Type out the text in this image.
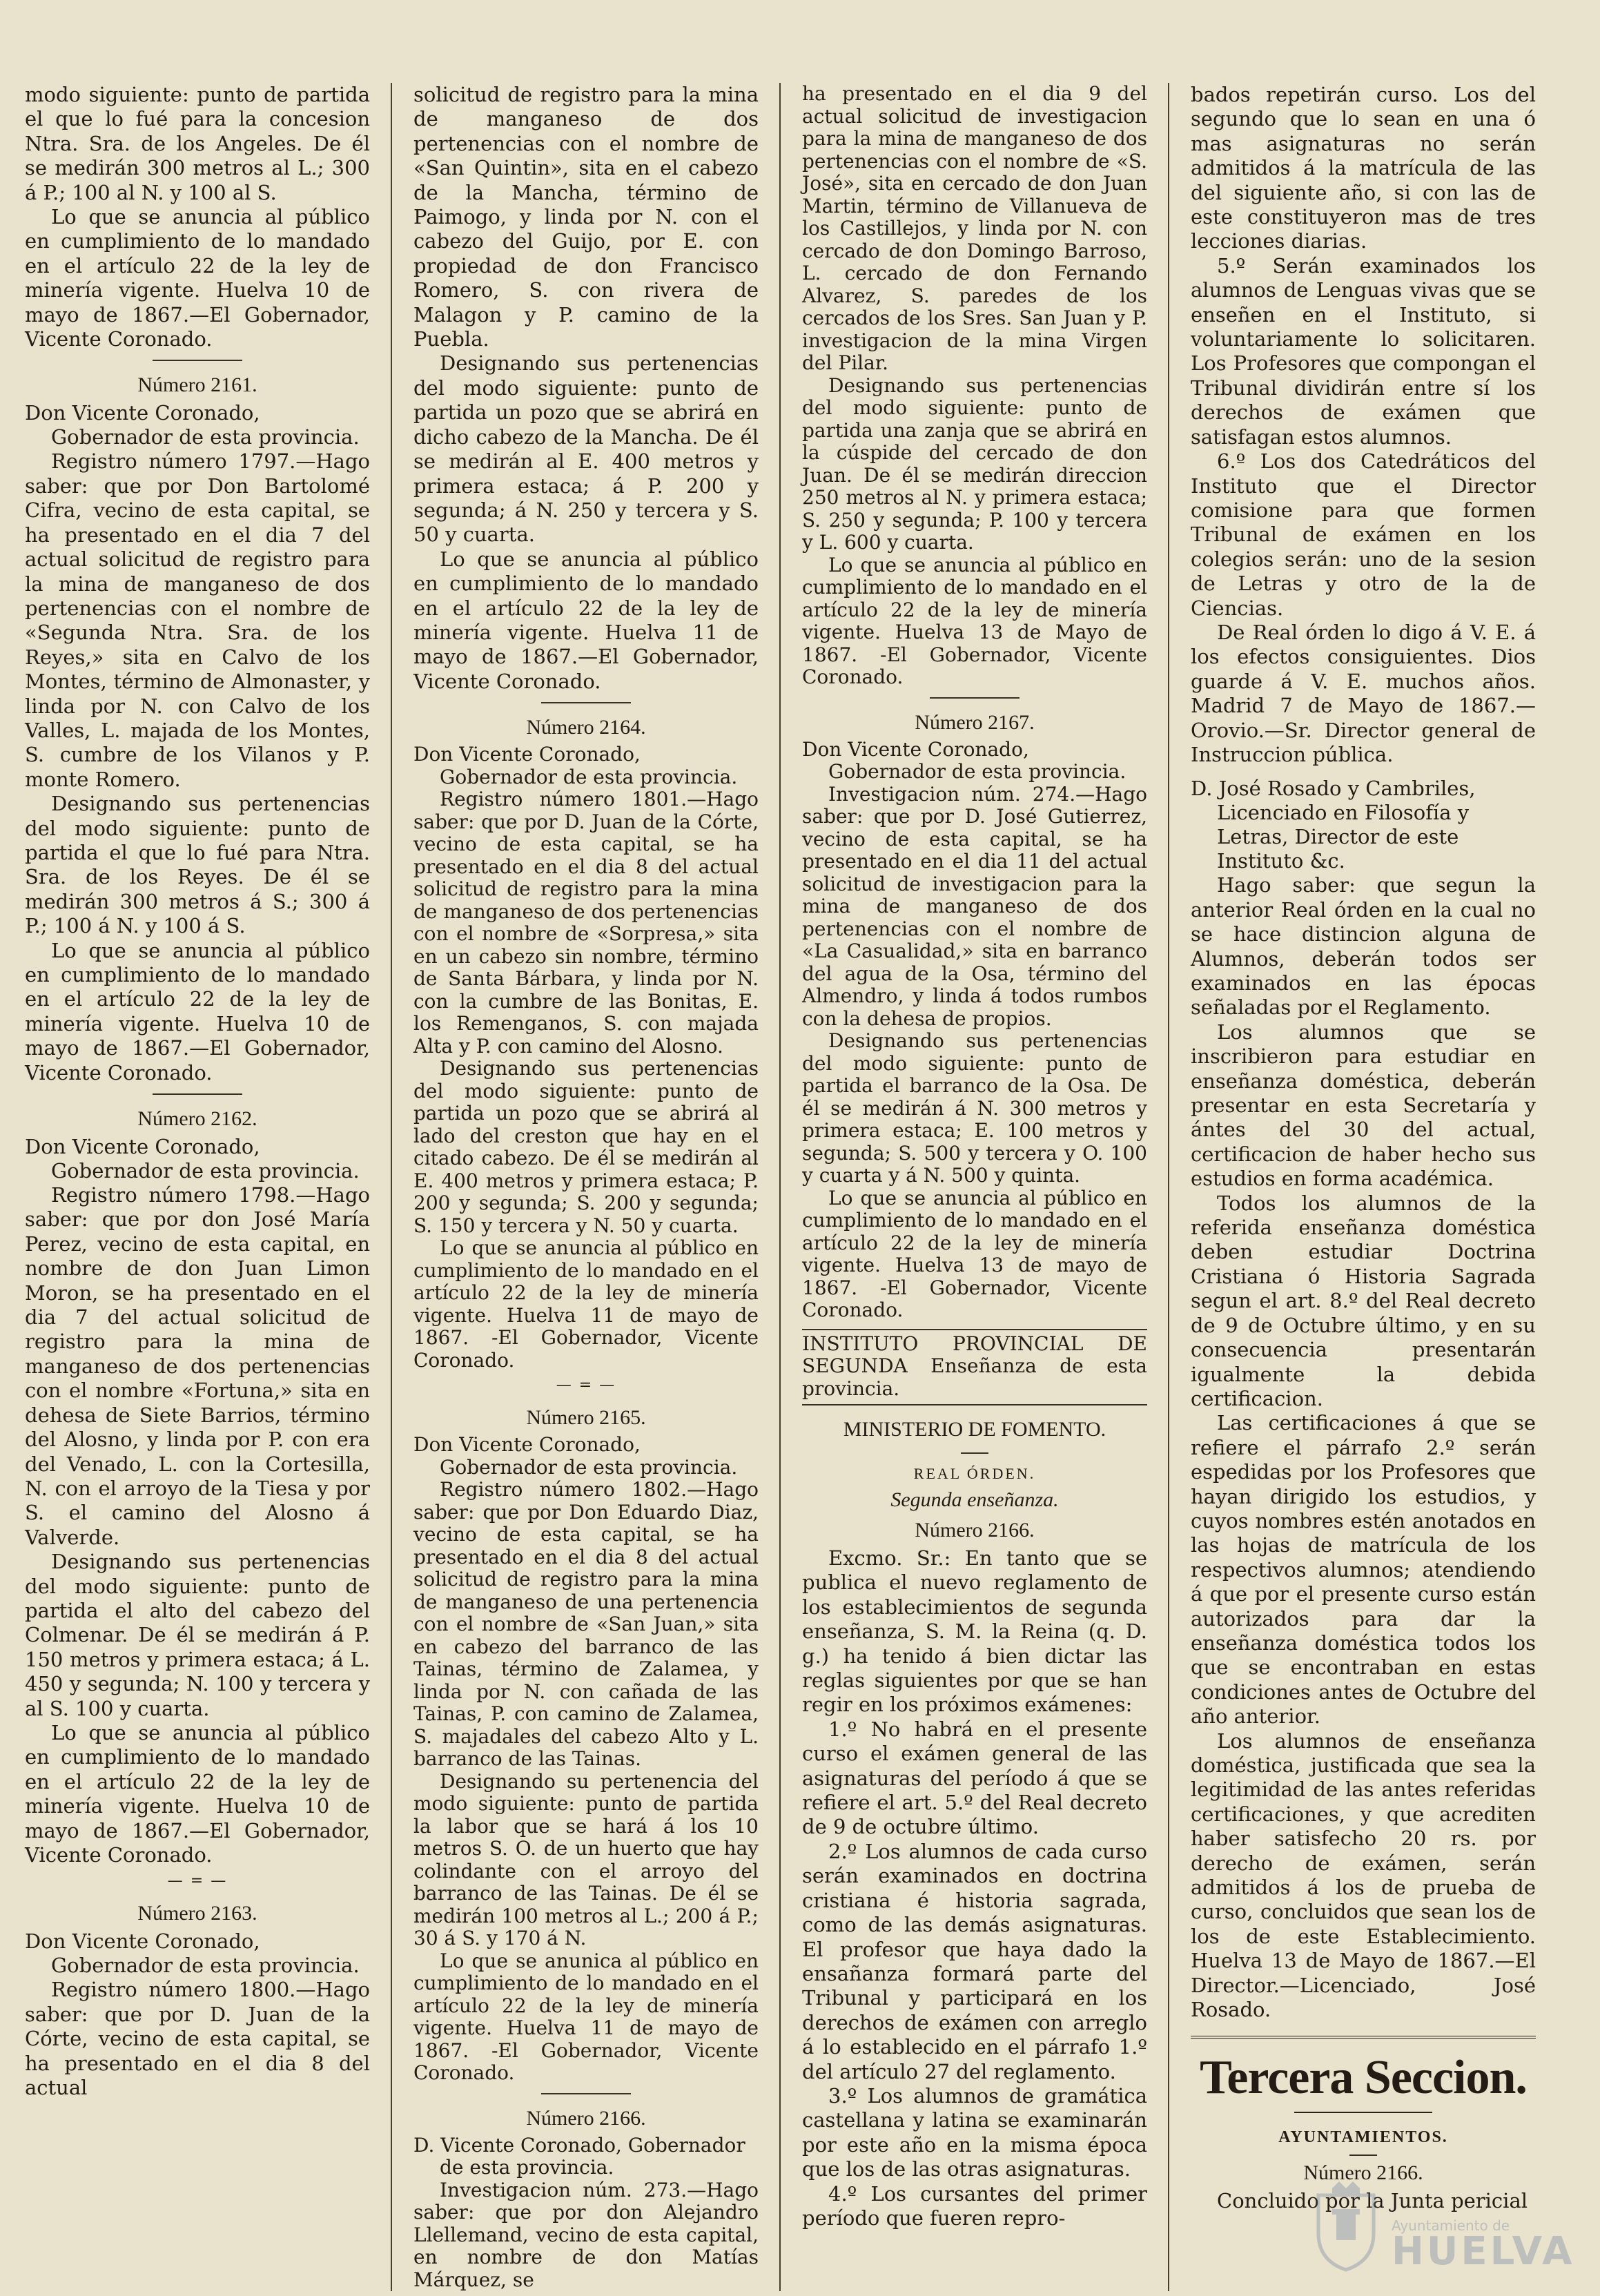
modo siguiente: punto de partida el que lo fué para la concesion Ntra. Sra. de los Angeles. De él se medirán 300 metros al L.; 300 á P.; 100 al N. y 100 al S.

Lo que se anuncia al público en cumplimiento de lo mandado en el artículo 22 de la ley de minería vigente. Huelva 10 de mayo de 1867.—El Gobernador, Vicente Coronado.

Número 2161.

Don Vicente Coronado, Gobernador de esta provincia.

Registro número 1797.—Hago saber: que por Don Bartolomé Cifra, vecino de esta capital, se ha presentado en el dia 7 del actual solicitud de registro para la mina de manganeso de dos pertenencias con el nombre de «Segunda Ntra. Sra. de los Reyes,» sita en Calvo de los Montes, término de Almonaster, y linda por N. con Calvo de los Valles, L. majada de los Montes, S. cumbre de los Vilanos y P. monte Romero.

Designando sus pertenencias del modo siguiente: punto de partida el que lo fué para Ntra. Sra. de los Reyes. De él se medirán 300 metros á S.; 300 á P.; 100 á N. y 100 á S.

Lo que se anuncia al público en cumplimiento de lo mandado en el artículo 22 de la ley de minería vigente. Huelva 10 de mayo de 1867.—El Gobernador, Vicente Coronado.

Número 2162.

Don Vicente Coronado, Gobernador de esta provincia.

Registro número 1798.—Hago saber: que por don José María Perez, vecino de esta capital, en nombre de don Juan Limon Moron, se ha presentado en el dia 7 del actual solicitud de registro para la mina de manganeso de dos pertenencias con el nombre «Fortuna,» sita en dehesa de Siete Barrios, término del Alosno, y linda por P. con era del Venado, L. con la Cortesilla, N. con el arroyo de la Tiesa y por S. el camino del Alosno á Valverde.

Designando sus pertenencias del modo siguiente: punto de partida el alto del cabezo del Colmenar. De él se medirán á P. 150 metros y primera estaca; á L. 450 y segunda; N. 100 y tercera y al S. 100 y cuarta.

Lo que se anuncia al público en cumplimiento de lo mandado en el artículo 22 de la ley de minería vigente. Huelva 10 de mayo de 1867.—El Gobernador, Vicente Coronado.

— = —
Número 2163.

Don Vicente Coronado, Gobernador de esta provincia.

Registro número 1800.—Hago saber: que por D. Juan de la Córte, vecino de esta capital, se ha presentado en el dia 8 del actual

solicitud de registro para la mina de manganeso de dos pertenencias con el nombre de «San Quintin», sita en el cabezo de la Mancha, término de Paimogo, y linda por N. con el cabezo del Guijo, por E. con propiedad de don Francisco Romero, S. con rivera de Malagon y P. camino de la Puebla.

Designando sus pertenencias del modo siguiente: punto de partida un pozo que se abrirá en dicho cabezo de la Mancha. De él se medirán al E. 400 metros y primera estaca; á P. 200 y segunda; á N. 250 y tercera y S. 50 y cuarta.

Lo que se anuncia al público en cumplimiento de lo mandado en el artículo 22 de la ley de minería vigente. Huelva 11 de mayo de 1867.—El Gobernador, Vicente Coronado.

Número 2164.

Don Vicente Coronado, Gobernador de esta provincia.

Registro número 1801.—Hago saber: que por D. Juan de la Córte, vecino de esta capital, se ha presentado en el dia 8 del actual solicitud de registro para la mina de manganeso de dos pertenencias con el nombre de «Sorpresa,» sita en un cabezo sin nombre, término de Santa Bárbara, y linda por N. con la cumbre de las Bonitas, E. los Remenganos, S. con majada Alta y P. con camino del Alosno.

Designando sus pertenencias del modo siguiente: punto de partida un pozo que se abrirá al lado del creston que hay en el citado cabezo. De él se medirán al E. 400 metros y primera estaca; P. 200 y segunda; S. 200 y segunda; S. 150 y tercera y N. 50 y cuarta.

Lo que se anuncia al público en cumplimiento de lo mandado en el artículo 22 de la ley de minería vigente. Huelva 11 de mayo de 1867. -El Gobernador, Vicente Coronado.

— = —
Número 2165.

Don Vicente Coronado, Gobernador de esta provincia.

Registro número 1802.—Hago saber: que por Don Eduardo Diaz, vecino de esta capital, se ha presentado en el dia 8 del actual solicitud de registro para la mina de manganeso de una pertenencia con el nombre de «San Juan,» sita en cabezo del barranco de las Tainas, término de Zalamea, y linda por N. con cañada de las Tainas, P. con camino de Zalamea, S. majadales del cabezo Alto y L. barranco de las Tainas.

Designando su pertenencia del modo siguiente: punto de partida la labor que se hará á los 10 metros S. O. de un huerto que hay colindante con el arroyo del barranco de las Tainas. De él se medirán 100 metros al L.; 200 á P.; 30 á S. y 170 á N.

Lo que se anunica al público en cumplimiento de lo mandado en el artículo 22 de la ley de minería vigente. Huelva 11 de mayo de 1867. -El Gobernador, Vicente Coronado.

Número 2166.

D. Vicente Coronado, Gobernador de esta provincia.

Investigacion núm. 273.—Hago saber: que por don Alejandro Llellemand, vecino de esta capital, en nombre de don Matías Márquez, se

ha presentado en el dia 9 del actual solicitud de investigacion para la mina de manganeso de dos pertenencias con el nombre de «S. José», sita en cercado de don Juan Martin, término de Villanueva de los Castillejos, y linda por N. con cercado de don Domingo Barroso, L. cercado de don Fernando Alvarez, S. paredes de los cercados de los Sres. San Juan y P. investigacion de la mina Virgen del Pilar.

Designando sus pertenencias del modo siguiente: punto de partida una zanja que se abrirá en la cúspide del cercado de don Juan. De él se medirán direccion 250 metros al N. y primera estaca; S. 250 y segunda; P. 100 y tercera y L. 600 y cuarta.

Lo que se anuncia al público en cumplimiento de lo mandado en el artículo 22 de la ley de minería vigente. Huelva 13 de Mayo de 1867. -El Gobernador, Vicente Coronado.

Número 2167.

Don Vicente Coronado, Gobernador de esta provincia.

Investigacion núm. 274.—Hago saber: que por D. José Gutierrez, vecino de esta capital, se ha presentado en el dia 11 del actual solicitud de investigacion para la mina de manganeso de dos pertenencias con el nombre de «La Casualidad,» sita en barranco del agua de la Osa, término del Almendro, y linda á todos rumbos con la dehesa de propios.

Designando sus pertenencias del modo siguiente: punto de partida el barranco de la Osa. De él se medirán á N. 300 metros y primera estaca; E. 100 metros y segunda; S. 500 y tercera y O. 100 y cuarta y á N. 500 y quinta.

Lo que se anuncia al público en cumplimiento de lo mandado en el artículo 22 de la ley de minería vigente. Huelva 13 de mayo de 1867. -El Gobernador, Vicente Coronado.

INSTITUTO PROVINCIAL DE SEGUNDA Enseñanza de esta provincia.

MINISTERIO DE FOMENTO.
REAL ÓRDEN.
Segunda enseñanza.
Número 2166.

Excmo. Sr.: En tanto que se publica el nuevo reglamento de los establecimientos de segunda enseñanza, S. M. la Reina (q. D. g.) ha tenido á bien dictar las reglas siguientes por que se han regir en los próximos exámenes:

1.º No habrá en el presente curso el exámen general de las asignaturas del período á que se refiere el art. 5.º del Real decreto de 9 de octubre último.

2.º Los alumnos de cada curso serán examinados en doctrina cristiana é historia sagrada, como de las demás asignaturas. El profesor que haya dado la ensañanza formará parte del Tribunal y participará en los derechos de exámen con arreglo á lo establecido en el párrafo 1.º del artículo 27 del reglamento.

3.º Los alumnos de gramática castellana y latina se examinarán por este año en la misma época que los de las otras asignaturas.

4.º Los cursantes del primer período que fueren repro-

bados repetirán curso. Los del segundo que lo sean en una ó mas asignaturas no serán admitidos á la matrícula de las del siguiente año, si con las de este constituyeron mas de tres lecciones diarias.

5.º Serán examinados los alumnos de Lenguas vivas que se enseñen en el Instituto, si voluntariamente lo solicitaren. Los Profesores que compongan el Tribunal dividirán entre sí los derechos de exámen que satisfagan estos alumnos.

6.º Los dos Catedráticos del Instituto que el Director comisione para que formen Tribunal de exámen en los colegios serán: uno de la sesion de Letras y otro de la de Ciencias.

De Real órden lo digo á V. E. á los efectos consiguientes. Dios guarde á V. E. muchos años. Madrid 7 de Mayo de 1867.—Orovio.—Sr. Director general de Instruccion pública.

D. José Rosado y Cambriles, Licenciado en Filosofía y Letras, Director de este Instituto &c.

Hago saber: que segun la anterior Real órden en la cual no se hace distincion alguna de Alumnos, deberán todos ser examinados en las épocas señaladas por el Reglamento.

Los alumnos que se inscribieron para estudiar en enseñanza doméstica, deberán presentar en esta Secretaría y ántes del 30 del actual, certificacion de haber hecho sus estudios en forma académica.

Todos los alumnos de la referida enseñanza doméstica deben estudiar Doctrina Cristiana ó Historia Sagrada segun el art. 8.º del Real decreto de 9 de Octubre último, y en su consecuencia presentarán igualmente la debida certificacion.

Las certificaciones á que se refiere el párrafo 2.º serán espedidas por los Profesores que hayan dirigido los estudios, y cuyos nombres estén anotados en las hojas de matrícula de los respectivos alumnos; atendiendo á que por el presente curso están autorizados para dar la enseñanza doméstica todos los que se encontraban en estas condiciones antes de Octubre del año anterior.

Los alumnos de enseñanza doméstica, justificada que sea la legitimidad de las antes referidas certificaciones, y que acrediten haber satisfecho 20 rs. por derecho de exámen, serán admitidos á los de prueba de curso, concluidos que sean los de los de este Establecimiento. Huelva 13 de Mayo de 1867.—El Director.—Licenciado, José Rosado.

Tercera Seccion.
AYUNTAMIENTOS.
Número 2166.

Concluido por la Junta pericial

Ayuntamiento de
HUELVA
